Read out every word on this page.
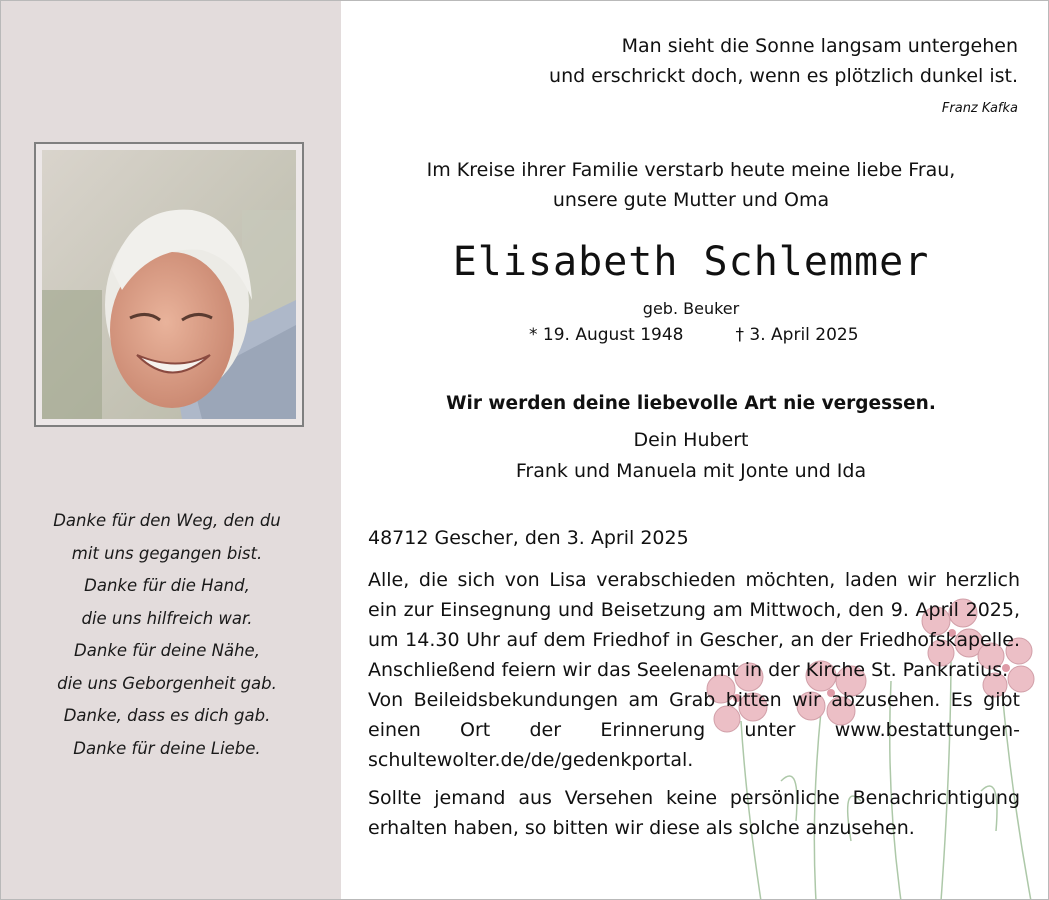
Danke für den Weg, den du
mit uns gegangen bist.
Danke für die Hand,
die uns hilfreich war.
Danke für deine Nähe,
die uns Geborgenheit gab.
Danke, dass es dich gab.
Danke für deine Liebe.
Man sieht die Sonne langsam untergehen
und erschrickt doch, wenn es plötzlich dunkel ist.
Franz Kafka
Im Kreise ihrer Familie verstarb heute meine liebe Frau,
unsere gute Mutter und Oma
Elisabeth Schlemmer
geb. Beuker
* 19. August 1948	† 3. April 2025
Wir werden deine liebevolle Art nie vergessen.
Dein Hubert
Frank und Manuela mit Jonte und Ida
48712 Gescher, den 3. April 2025

Alle, die sich von Lisa verabschieden möchten, laden wir herzlich ein zur Einsegnung und Beisetzung am Mittwoch, den 9. April 2025, um 14.30 Uhr auf dem Friedhof in Gescher, an der Friedhofskapelle. Anschließend feiern wir das Seelenamt in der Kirche St. Pankratius.

Von Beileidsbekundungen am Grab bitten wir abzusehen. Es gibt einen Ort der Erinnerung unter www.bestattungen-schultewolter.de/de/gedenkportal.

Sollte jemand aus Versehen keine persönliche Benachrichtigung erhalten haben, so bitten wir diese als solche anzusehen.
